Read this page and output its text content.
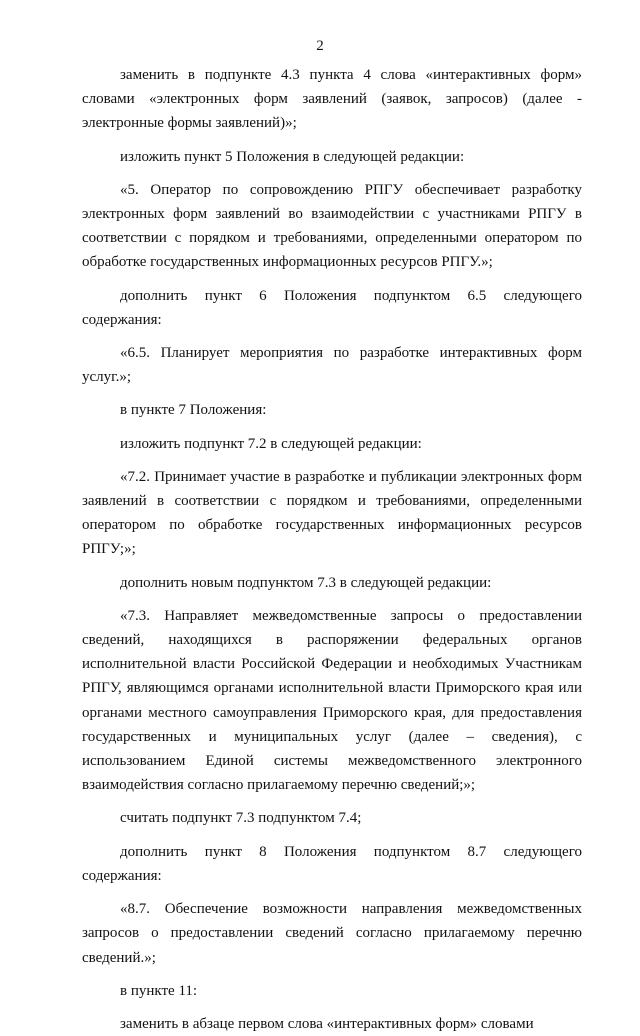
2

заменить в подпункте 4.3 пункта 4 слова «интерактивных форм» словами «электронных форм заявлений (заявок, запросов) (далее - электронные формы заявлений)»;

изложить пункт 5 Положения в следующей редакции:

«5. Оператор по сопровождению РПГУ обеспечивает разработку электронных форм заявлений во взаимодействии с участниками РПГУ в соответствии с порядком и требованиями, определенными оператором по обработке государственных информационных ресурсов РПГУ.»;

дополнить пункт 6 Положения подпунктом 6.5 следующего содержания:

«6.5. Планирует мероприятия по разработке интерактивных форм услуг.»;

в пункте 7 Положения:

изложить подпункт 7.2 в следующей редакции:

«7.2. Принимает участие в разработке и публикации электронных форм заявлений в соответствии с порядком и требованиями, определенными оператором по обработке государственных информационных ресурсов РПГУ;»;

дополнить новым подпунктом 7.3 в следующей редакции:

«7.3. Направляет межведомственные запросы о предоставлении сведений, находящихся в распоряжении федеральных органов исполнительной власти Российской Федерации и необходимых Участникам РПГУ, являющимся органами исполнительной власти Приморского края или органами местного самоуправления Приморского края, для предоставления государственных и муниципальных услуг (далее – сведения), с использованием Единой системы межведомственного электронного взаимодействия согласно прилагаемому перечню сведений;»;

считать подпункт 7.3 подпунктом 7.4;

дополнить пункт 8 Положения подпунктом 8.7 следующего содержания:

«8.7. Обеспечение возможности направления межведомственных запросов о предоставлении сведений согласно прилагаемому перечню сведений.»;

в пункте 11:

заменить в абзаце первом слова «интерактивных форм» словами
